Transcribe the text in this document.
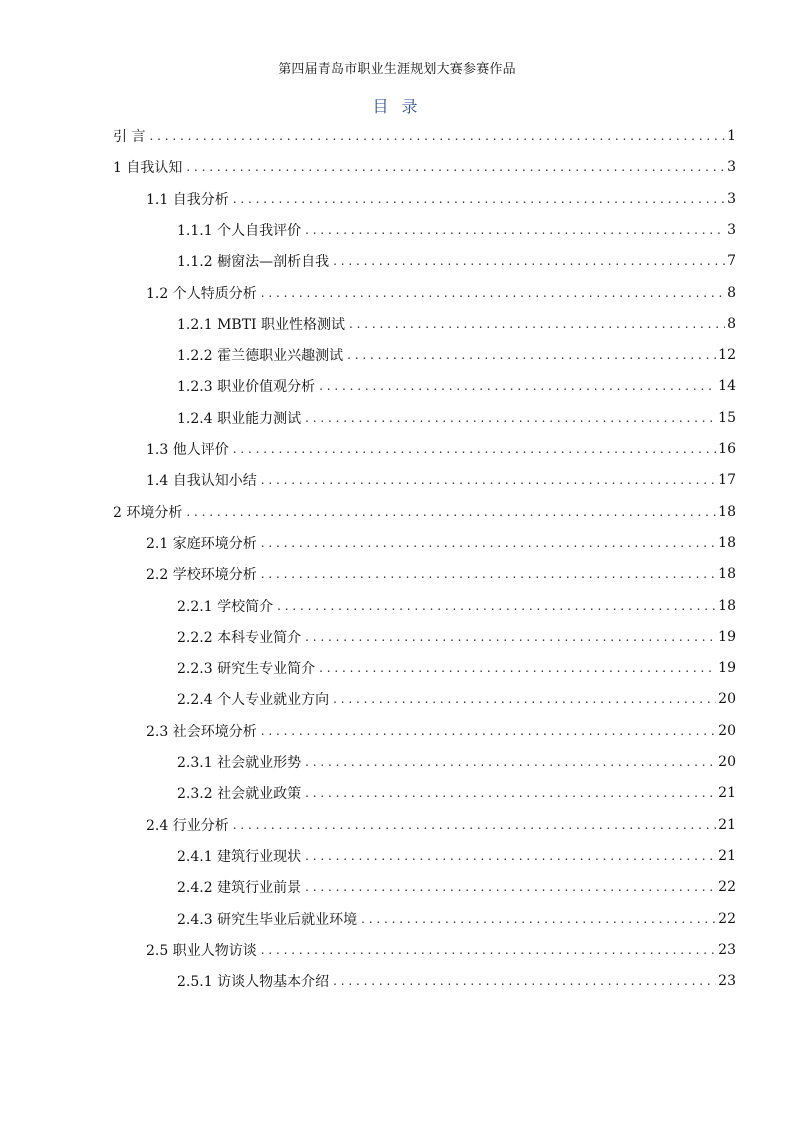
第四届青岛市职业生涯规划大赛参赛作品
目 录
引 言 . . .	1
1 自我认知 . . .	3
1.1 自我分析 . . .	3
1.1.1 个人自我评价 . . .	3
1.1.2 橱窗法—剖析自我 . . .	7
1.2 个人特质分析 . . .	8
1.2.1 MBTI 职业性格测试 . . .	8
1.2.2 霍兰德职业兴趣测试 . . .	12
1.2.3 职业价值观分析 . . .	14
1.2.4 职业能力测试 . . .	15
1.3 他人评价 . . .	16
1.4 自我认知小结 . . .	17
2 环境分析 . . .	18
2.1 家庭环境分析 . . .	18
2.2 学校环境分析 . . .	18
2.2.1 学校简介 . . .	18
2.2.2 本科专业简介 . . .	19
2.2.3 研究生专业简介 . . .	19
2.2.4 个人专业就业方向 . . .	20
2.3 社会环境分析 . . .	20
2.3.1 社会就业形势 . . .	20
2.3.2 社会就业政策 . . .	21
2.4 行业分析 . . .	21
2.4.1 建筑行业现状 . . .	21
2.4.2 建筑行业前景 . . .	22
2.4.3 研究生毕业后就业环境 . . .	22
2.5 职业人物访谈 . . .	23
2.5.1 访谈人物基本介绍 . . .	23
